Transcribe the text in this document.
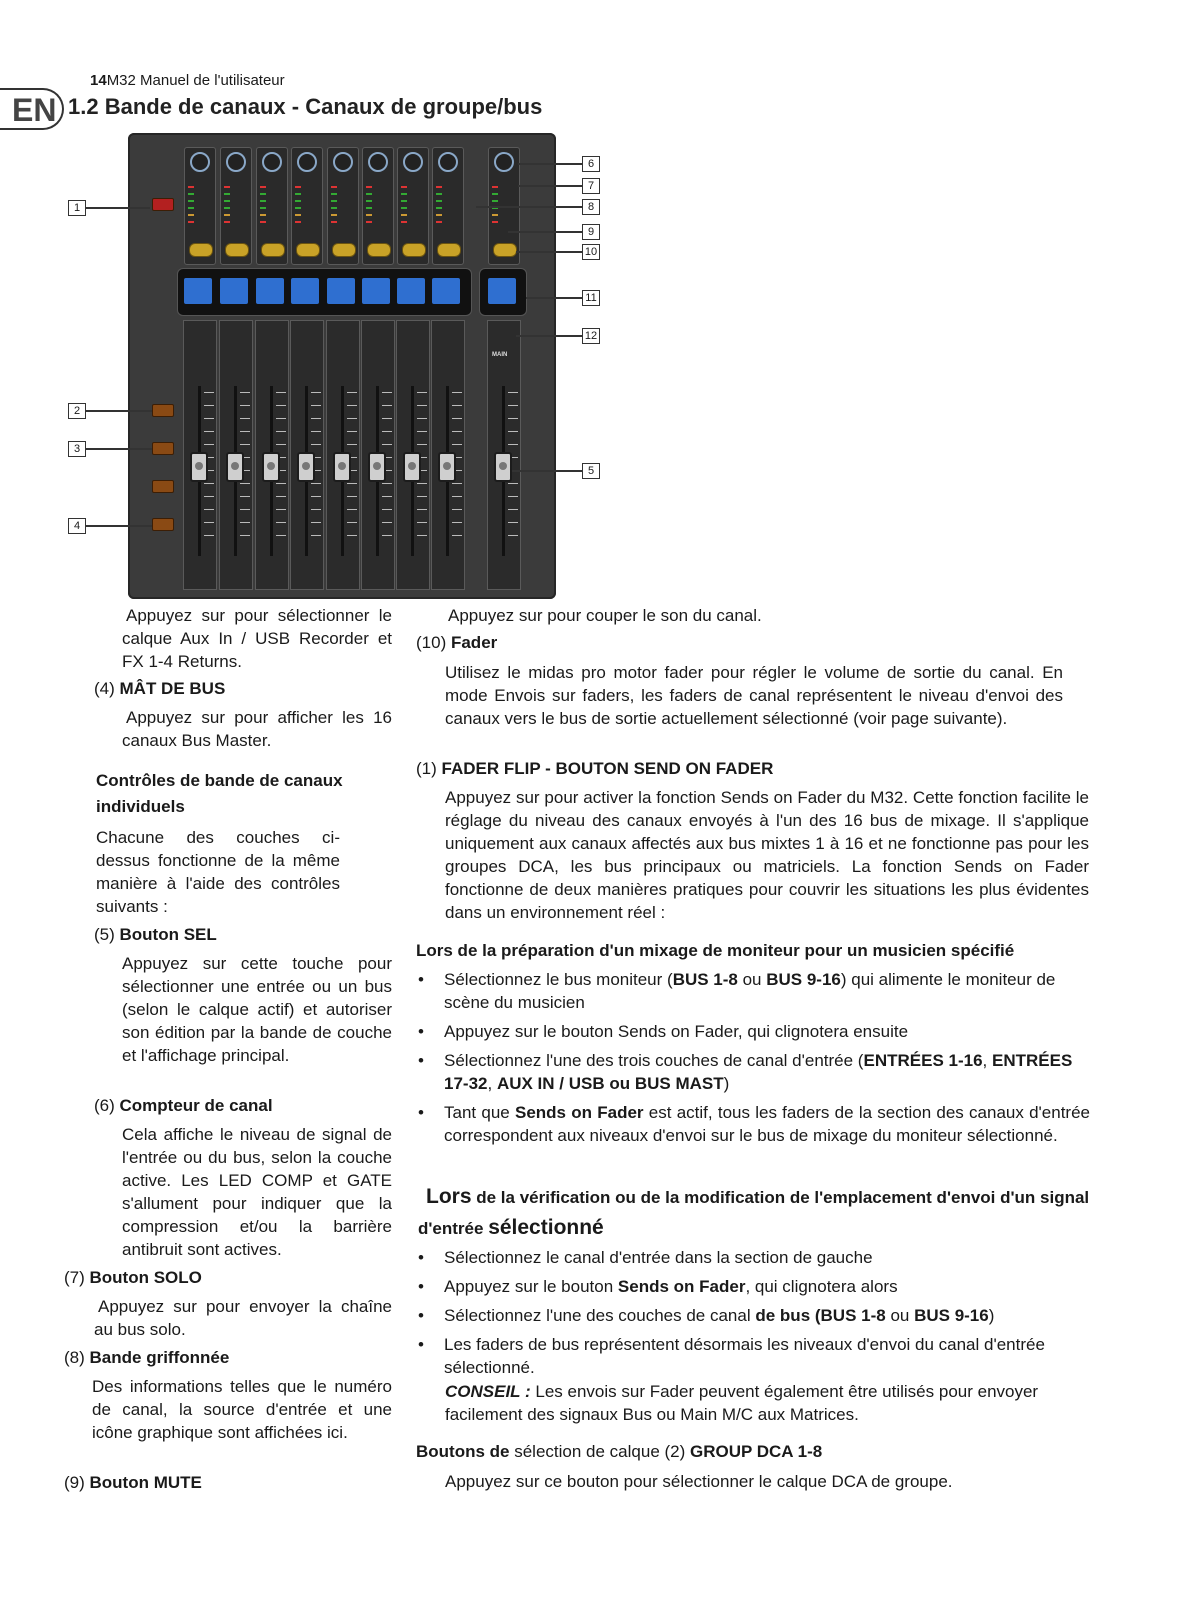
EN
14M32 Manuel de l'utilisateur
1.2 Bande de canaux - Canaux de groupe/bus
1
2
3
4
5
6
7
8
9
10
11
12

Appuyez sur pour sélectionner le calque Aux In / USB Recorder et FX 1-4 Returns.

(4) MÂT DE BUS

Appuyez sur pour afficher les 16 canaux Bus Master.

Contrôles de bande de canaux individuels

Chacune des couches ci-dessus fonctionne de la même manière à l'aide des contrôles suivants :

(5) Bouton SEL

Appuyez sur cette touche pour sélectionner une entrée ou un bus (selon le calque actif) et autoriser son édition par la bande de couche et l'affichage principal.

(6) Compteur de canal

Cela affiche le niveau de signal de l'entrée ou du bus, selon la couche active. Les LED COMP et GATE s'allument pour indiquer que la compression et/ou la barrière antibruit sont actives.

(7) Bouton SOLO

Appuyez sur pour envoyer la chaîne au bus solo.

(8) Bande griffonnée

Des informations telles que le numéro de canal, la source d'entrée et une icône graphique sont affichées ici.

(9) Bouton MUTE

Appuyez sur pour couper le son du canal.

(10) Fader

Utilisez le midas pro motor fader pour régler le volume de sortie du canal. En mode Envois sur faders, les faders de canal représentent le niveau d'envoi des canaux vers le bus de sortie actuellement sélectionné (voir page suivante).

(1) FADER FLIP - BOUTON SEND ON FADER

Appuyez sur pour activer la fonction Sends on Fader du M32. Cette fonction facilite le réglage du niveau des canaux envoyés à l'un des 16 bus de mixage. Il s'applique uniquement aux canaux affectés aux bus mixtes 1 à 16 et ne fonctionne pas pour les groupes DCA, les bus principaux ou matriciels. La fonction Sends on Fader fonctionne de deux manières pratiques pour couvrir les situations les plus évidentes dans un environnement réel :

Lors de la préparation d'un mixage de moniteur pour un musicien spécifié
• Sélectionnez le bus moniteur (BUS 1-8 ou BUS 9-16) qui alimente le moniteur de scène du musicien
• Appuyez sur le bouton Sends on Fader, qui clignotera ensuite
• Sélectionnez l'une des trois couches de canal d'entrée (ENTRÉES 1-16, ENTRÉES 17-32, AUX IN / USB ou BUS MAST)
• Tant que Sends on Fader est actif, tous les faders de la section des canaux d'entrée correspondent aux niveaux d'envoi sur le bus de mixage du moniteur sélectionné.
Lors de la vérification ou de la modification de l'emplacement d'envoi d'un signal d'entrée sélectionné
• Sélectionnez le canal d'entrée dans la section de gauche
• Appuyez sur le bouton Sends on Fader, qui clignotera alors
• Sélectionnez l'une des couches de canal de bus (BUS 1-8 ou BUS 9-16)
• Les faders de bus représentent désormais les niveaux d'envoi du canal d'entrée sélectionné.

CONSEIL : Les envois sur Fader peuvent également être utilisés pour envoyer facilement des signaux Bus ou Main M/C aux Matrices.

Boutons de sélection de calque (2) GROUP DCA 1-8

Appuyez sur ce bouton pour sélectionner le calque DCA de groupe.

MAIN
